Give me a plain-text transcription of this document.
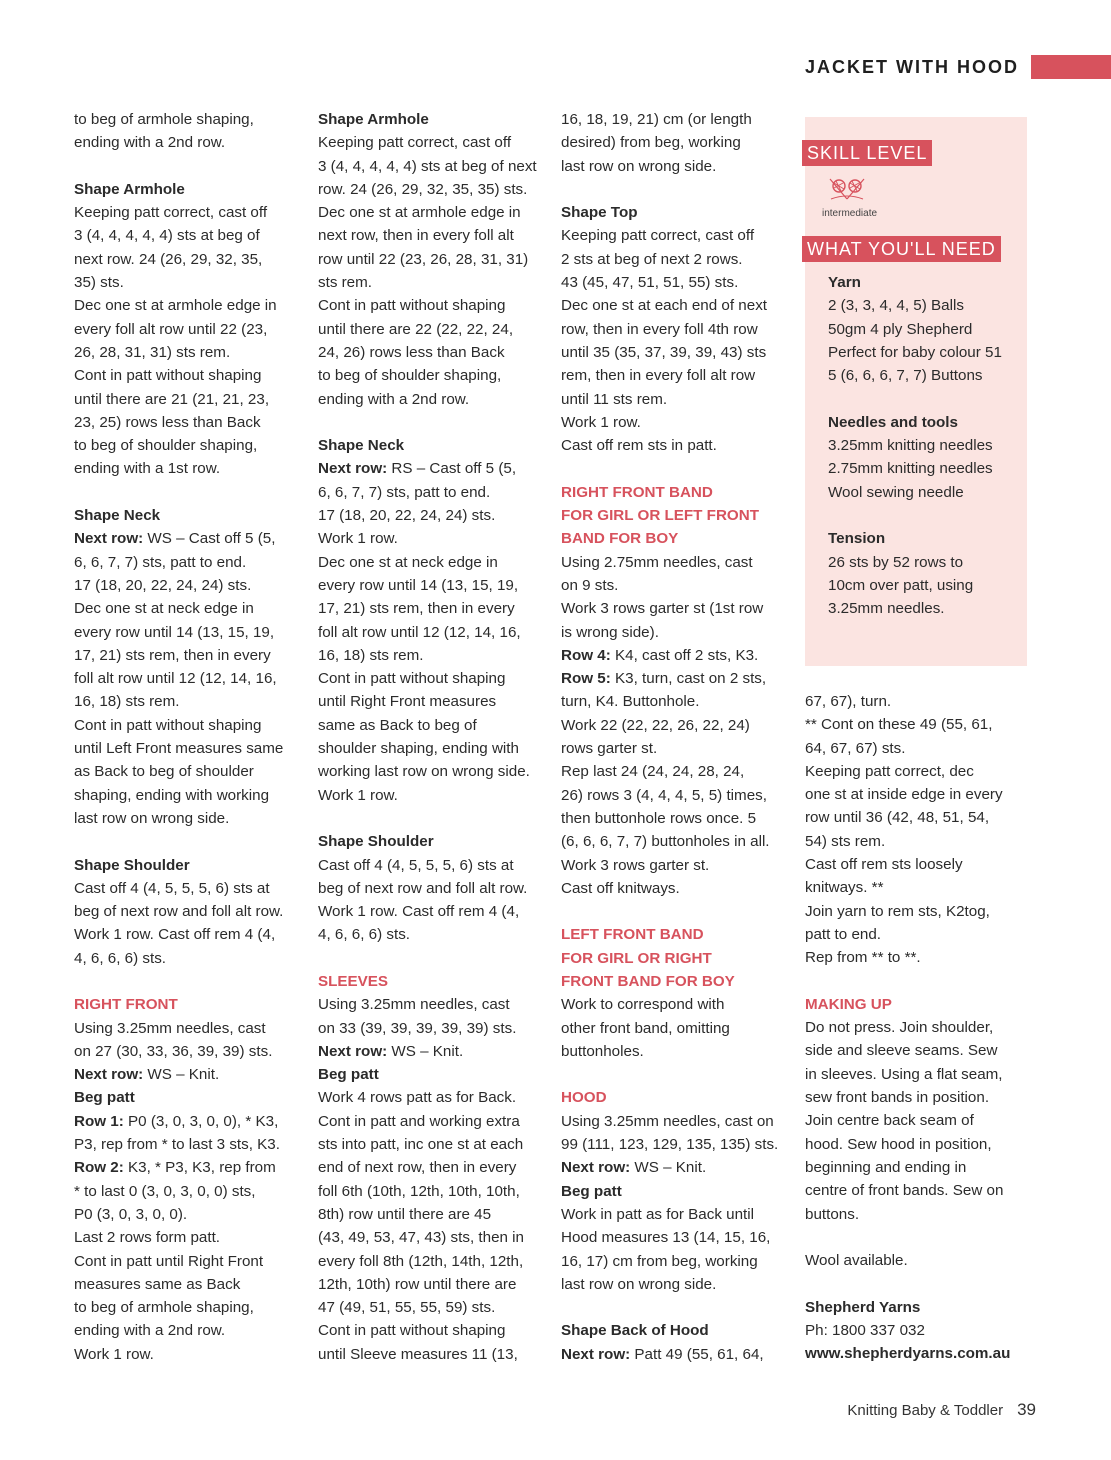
JACKET WITH HOOD
to beg of armhole shaping,
ending with a 2nd row.
Shape Armhole
Keeping patt correct, cast off
3 (4, 4, 4, 4, 4) sts at beg of
next row. 24 (26, 29, 32, 35,
35) sts.
Dec one st at armhole edge in
every foll alt row until 22 (23,
26, 28, 31, 31) sts rem.
Cont in patt without shaping
until there are 21 (21, 21, 23,
23, 25) rows less than Back
to beg of shoulder shaping,
ending with a 1st row.
Shape Neck
Next row: WS – Cast off 5 (5,
6, 6, 7, 7) sts, patt to end.
17 (18, 20, 22, 24, 24) sts.
Dec one st at neck edge in
every row until 14 (13, 15, 19,
17, 21) sts rem, then in every
foll alt row until 12 (12, 14, 16,
16, 18) sts rem.
Cont in patt without shaping
until Left Front measures same
as Back to beg of shoulder
shaping, ending with working
last row on wrong side.
Shape Shoulder
Cast off 4 (4, 5, 5, 5, 6) sts at
beg of next row and foll alt row.
Work 1 row. Cast off rem 4 (4,
4, 6, 6, 6) sts.
RIGHT FRONT
Using 3.25mm needles, cast
on 27 (30, 33, 36, 39, 39) sts.
Next row: WS – Knit.
Beg patt
Row 1: P0 (3, 0, 3, 0, 0), * K3,
P3, rep from * to last 3 sts, K3.
Row 2: K3, * P3, K3, rep from
* to last 0 (3, 0, 3, 0, 0) sts,
P0 (3, 0, 3, 0, 0).
Last 2 rows form patt.
Cont in patt until Right Front
measures same as Back
to beg of armhole shaping,
ending with a 2nd row.
Work 1 row.
Shape Armhole
Keeping patt correct, cast off
3 (4, 4, 4, 4, 4) sts at beg of next
row. 24 (26, 29, 32, 35, 35) sts.
Dec one st at armhole edge in
next row, then in every foll alt
row until 22 (23, 26, 28, 31, 31)
sts rem.
Cont in patt without shaping
until there are 22 (22, 22, 24,
24, 26) rows less than Back
to beg of shoulder shaping,
ending with a 2nd row.
Shape Neck
Next row: RS – Cast off 5 (5,
6, 6, 7, 7) sts, patt to end.
17 (18, 20, 22, 24, 24) sts.
Work 1 row.
Dec one st at neck edge in
every row until 14 (13, 15, 19,
17, 21) sts rem, then in every
foll alt row until 12 (12, 14, 16,
16, 18) sts rem.
Cont in patt without shaping
until Right Front measures
same as Back to beg of
shoulder shaping, ending with
working last row on wrong side.
Work 1 row.
Shape Shoulder
Cast off 4 (4, 5, 5, 5, 6) sts at
beg of next row and foll alt row.
Work 1 row. Cast off rem 4 (4,
4, 6, 6, 6) sts.
SLEEVES
Using 3.25mm needles, cast
on 33 (39, 39, 39, 39, 39) sts.
Next row: WS – Knit.
Beg patt
Work 4 rows patt as for Back.
Cont in patt and working extra
sts into patt, inc one st at each
end of next row, then in every
foll 6th (10th, 12th, 10th, 10th,
8th) row until there are 45
(43, 49, 53, 47, 43) sts, then in
every foll 8th (12th, 14th, 12th,
12th, 10th) row until there are
47 (49, 51, 55, 55, 59) sts.
Cont in patt without shaping
until Sleeve measures 11 (13,
16, 18, 19, 21) cm (or length
desired) from beg, working
last row on wrong side.
Shape Top
Keeping patt correct, cast off
2 sts at beg of next 2 rows.
43 (45, 47, 51, 51, 55) sts.
Dec one st at each end of next
row, then in every foll 4th row
until 35 (35, 37, 39, 39, 43) sts
rem, then in every foll alt row
until 11 sts rem.
Work 1 row.
Cast off rem sts in patt.
RIGHT FRONT BAND
FOR GIRL OR LEFT FRONT
BAND FOR BOY
Using 2.75mm needles, cast
on 9 sts.
Work 3 rows garter st (1st row
is wrong side).
Row 4: K4, cast off 2 sts, K3.
Row 5: K3, turn, cast on 2 sts,
turn, K4. Buttonhole.
Work 22 (22, 22, 26, 22, 24)
rows garter st.
Rep last 24 (24, 24, 28, 24,
26) rows 3 (4, 4, 4, 5, 5) times,
then buttonhole rows once. 5
(6, 6, 6, 7, 7) buttonholes in all.
Work 3 rows garter st.
Cast off knitways.
LEFT FRONT BAND
FOR GIRL OR RIGHT
FRONT BAND FOR BOY
Work to correspond with
other front band, omitting
buttonholes.
HOOD
Using 3.25mm needles, cast on
99 (111, 123, 129, 135, 135) sts.
Next row: WS – Knit.
Beg patt
Work in patt as for Back until
Hood measures 13 (14, 15, 16,
16, 17) cm from beg, working
last row on wrong side.
Shape Back of Hood
Next row: Patt 49 (55, 61, 64,
67, 67), turn.
** Cont on these 49 (55, 61,
64, 67, 67) sts.
Keeping patt correct, dec
one st at inside edge in every
row until 36 (42, 48, 51, 54,
54) sts rem.
Cast off rem sts loosely
knitways. **
Join yarn to rem sts, K2tog,
patt to end.
Rep from ** to **.
MAKING UP
Do not press. Join shoulder,
side and sleeve seams. Sew
in sleeves. Using a flat seam,
sew front bands in position.
Join centre back seam of
hood. Sew hood in position,
beginning and ending in
centre of front bands. Sew on
buttons.
Wool available.
Shepherd Yarns
Ph: 1800 337 032
www.shepherdyarns.com.au
SKILL LEVEL
intermediate
WHAT YOU'LL NEED
Yarn
2 (3, 3, 4, 4, 5) Balls
50gm 4 ply Shepherd
Perfect for baby colour 51
5 (6, 6, 6, 7, 7) Buttons
Needles and tools
3.25mm knitting needles
2.75mm knitting needles
Wool sewing needle
Tension
26 sts by 52 rows to
10cm over patt, using
3.25mm needles.
Knitting Baby & Toddler 39
